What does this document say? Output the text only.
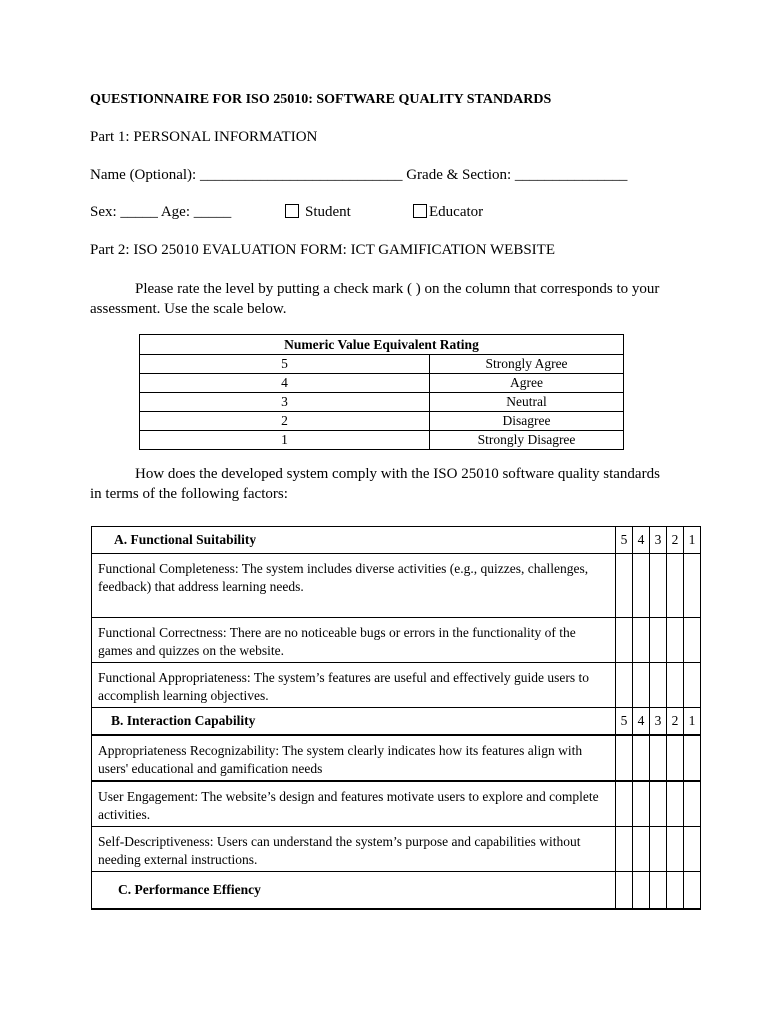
QUESTIONNAIRE FOR ISO 25010: SOFTWARE QUALITY STANDARDS
Part 1: PERSONAL INFORMATION
Name (Optional): ___________________________ Grade & Section: _______________
Sex: _____ Age: _____	Student	Educator
Part 2: ISO 25010 EVALUATION FORM: ICT GAMIFICATION WEBSITE
Please rate the level by putting a check mark ( ) on the column that corresponds to your assessment. Use the scale below.
Numeric Value Equivalent Rating	
5	Strongly Agree
4	Agree
3	Neutral
2	Disagree
1	Strongly Disagree
How does the developed system comply with the ISO 25010 software quality standards in terms of the following factors:
A. Functional Suitability	5	4	3	2	1
Functional Completeness: The system includes diverse activities (e.g., quizzes, challenges, feedback) that address learning needs.					
Functional Correctness: There are no noticeable bugs or errors in the functionality of the games and quizzes on the website.					
Functional Appropriateness: The system’s features are useful and effectively guide users to accomplish learning objectives.					
B. Interaction Capability	5	4	3	2	1
Appropriateness Recognizability: The system clearly indicates how its features align with users' educational and gamification needs					
User Engagement: The website’s design and features motivate users to explore and complete activities.					
Self-Descriptiveness: Users can understand the system’s purpose and capabilities without needing external instructions.					
C. Performance Effiency					
